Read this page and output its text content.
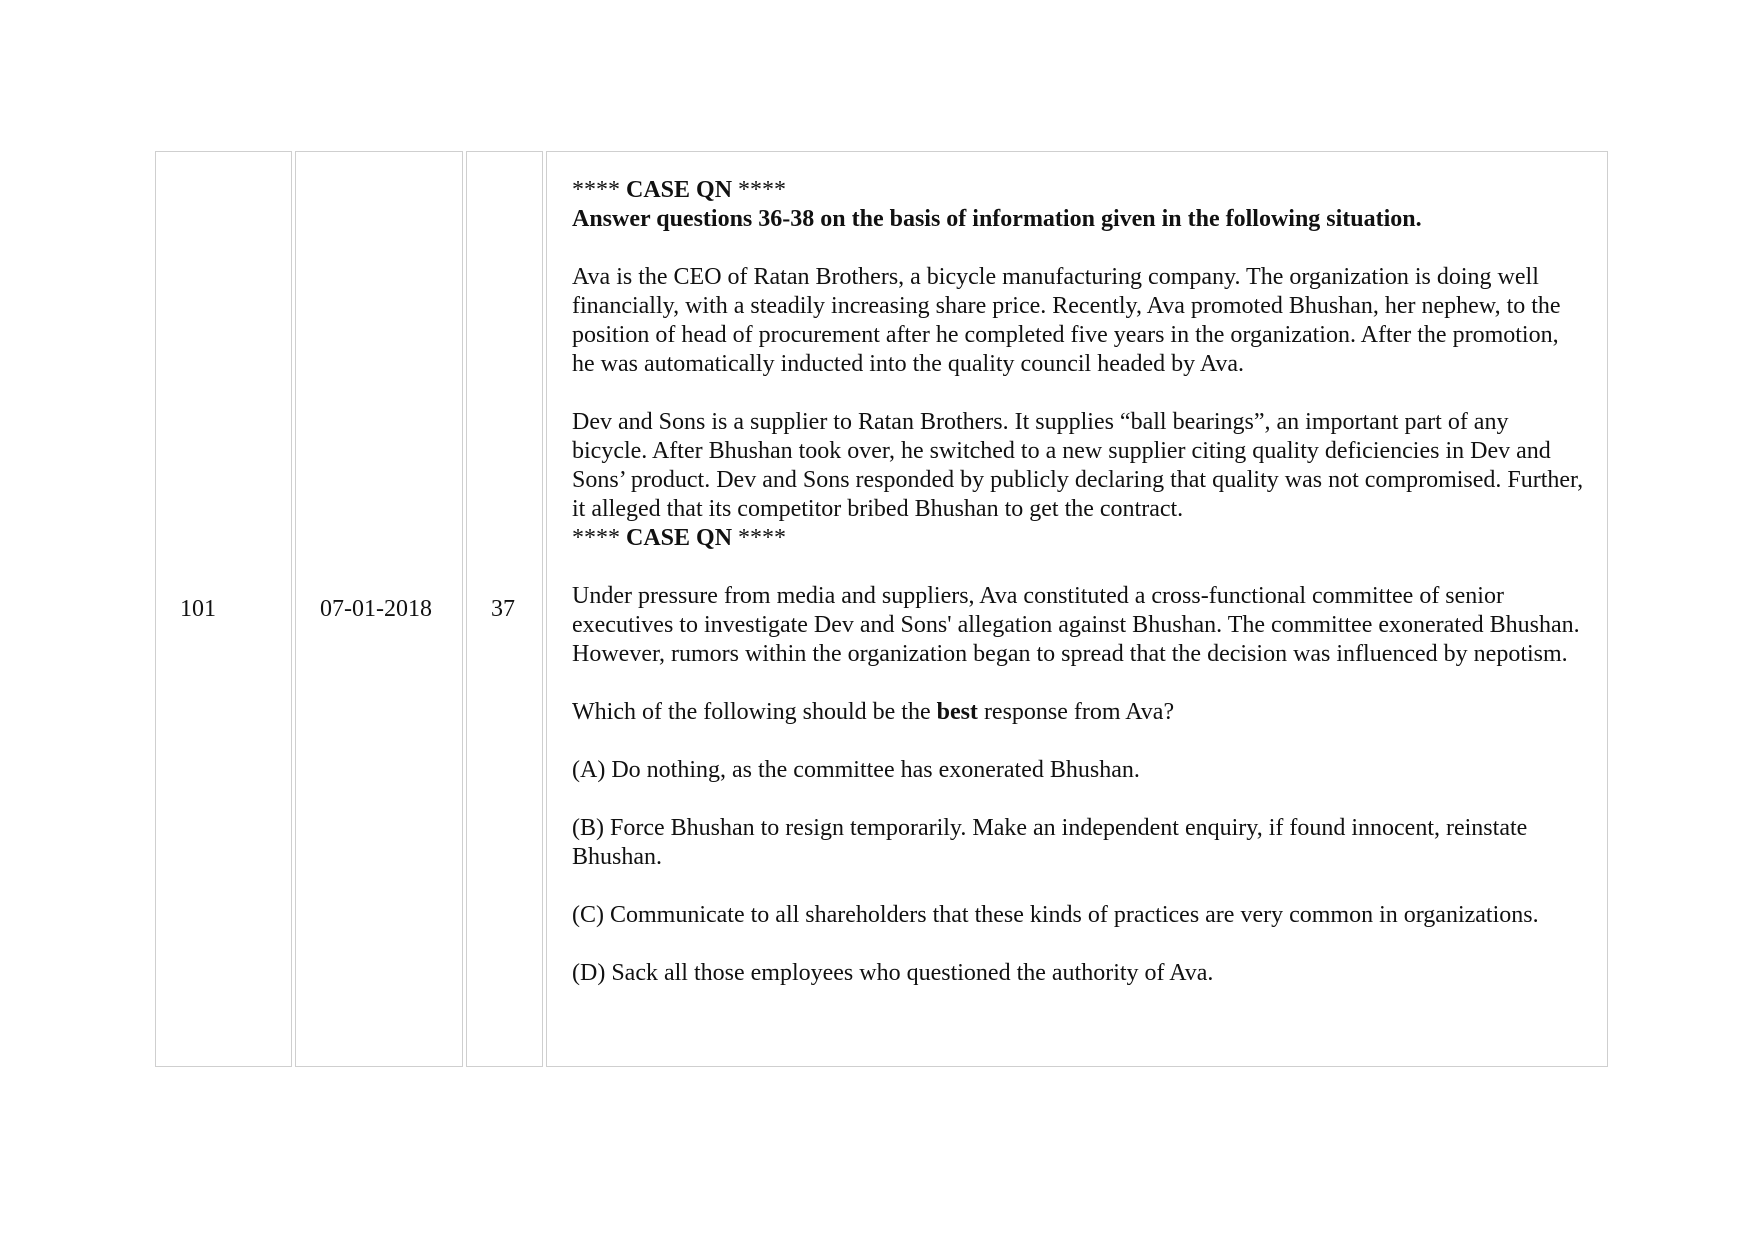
101	07-01-2018 37

**** CASE QN ****

Answer questions 36-38 on the basis of information given in the following situation.

Ava is the CEO of Ratan Brothers, a bicycle manufacturing company. The organization is doing well financially, with a steadily increasing share price. Recently, Ava promoted Bhushan, her nephew, to the position of head of procurement after he completed five years in the organization. After the promotion, he was automatically inducted into the quality council headed by Ava.

Dev and Sons is a supplier to Ratan Brothers. It supplies “ball bearings”, an important part of any bicycle. After Bhushan took over, he switched to a new supplier citing quality deficiencies in Dev and Sons’ product. Dev and Sons responded by publicly declaring that quality was not compromised. Further, it alleged that its competitor bribed Bhushan to get the contract.

**** CASE QN ****

Under pressure from media and suppliers, Ava constituted a cross-functional committee of senior executives to investigate Dev and Sons' allegation against Bhushan. The committee exonerated Bhushan. However, rumors within the organization began to spread that the decision was influenced by nepotism.

Which of the following should be the best response from Ava?

(A) Do nothing, as the committee has exonerated Bhushan.

(B) Force Bhushan to resign temporarily. Make an independent enquiry, if found innocent, reinstate Bhushan.

(C) Communicate to all shareholders that these kinds of practices are very common in organizations.

(D) Sack all those employees who questioned the authority of Ava.
